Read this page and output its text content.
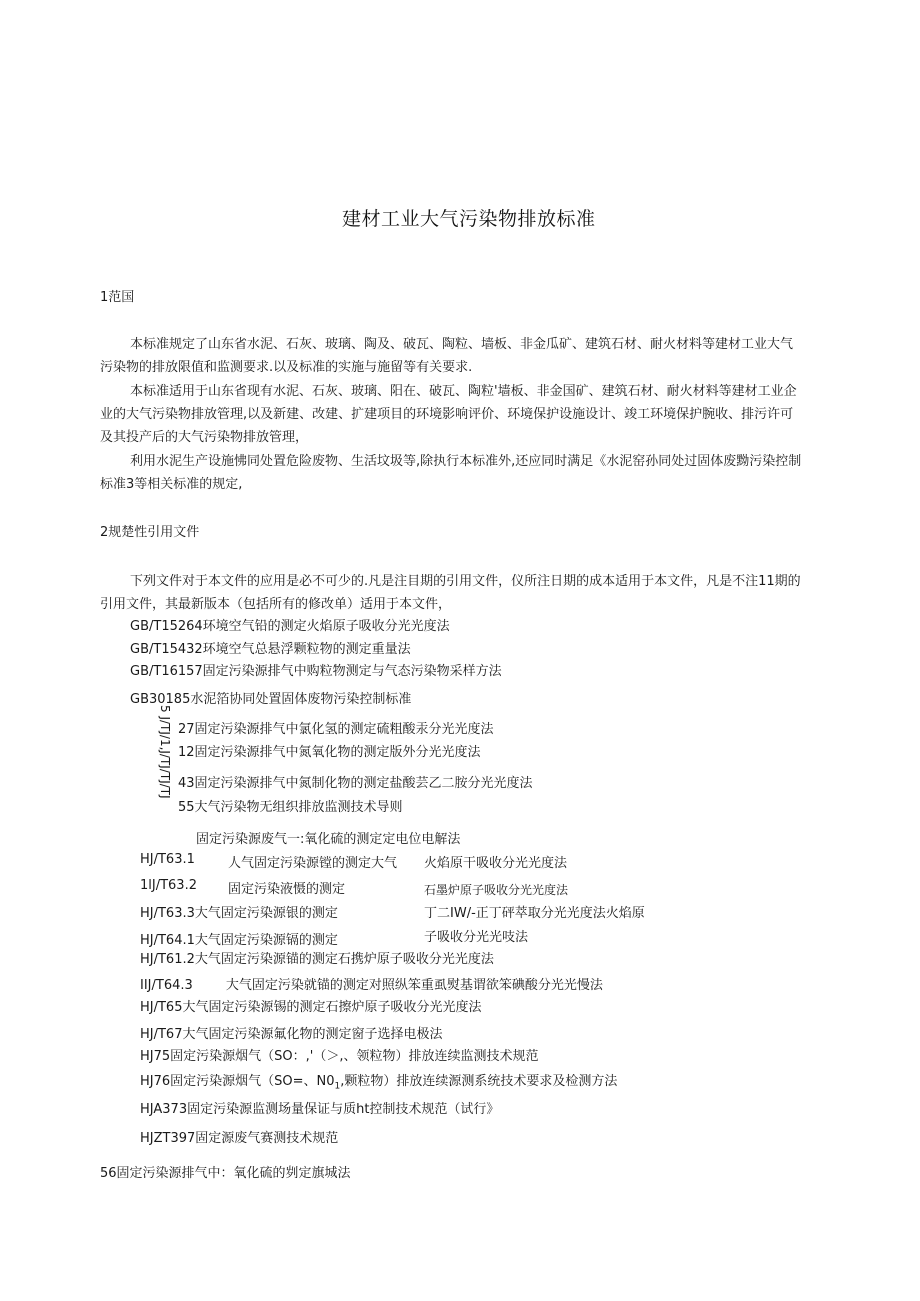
建材工业大气污染物排放标准
1范国
本标准规定了山东省水泥、石灰、玻璃、陶及、破瓦、陶粒、墙板、非金瓜矿、建筑石材、耐火材料等建材工业大气
污染物的排放限值和监测要求.以及标准的实施与施留等有关要求.
本标准适用于山东省现有水泥、石灰、玻璃、阳在、破瓦、陶粒'墙板、非金国矿、建筑石材、耐火材料等建材工业企
业的大气污染物排放管理,以及新建、改建、扩建项目的环境影响评价、环境保护设施设计、竣工环境保护腕收、排污许可
及其投产后的大气污染物排放管理，
利用水泥生产设施怫同处置危险废物、生活坟圾等,除执行本标准外,还应同时满足《水泥窑孙同处过固体废黝污染控制
标准3等相关标准的规定,
2规楚性引用文件
下列文件对于本文件的应用是必不可少的.凡是注目期的引用文件，仪所注日期的成本适用于本文件，凡是不注11期的
引用文件，其最新版本（包括所有的修改单）适用于本文件，
GB/T15264环境空气铅的测定火焰原子吸收分光光度法
GB/T15432环境空气总悬浮颗粒物的测定重量法
GB/T16157固定污染源排气中购粒物测定与气态污染物采样方法
GB30185水泥箔协同处置固体废物污染控制标准
5 J/TJ/1,J/TJ/TJ/TJ 27固定污染源排气中氯化氢的测定硫粗酸汞分光光度法
12固定污染源排气中氮氧化物的测定版外分光光度法
43固定污染源排气中氮制化物的测定盐酸芸乙二胺分光光度法
55大气污染物无组织排放监测技术导则
固定污染源废气一:氧化硫的测定定电位电解法
HJ/T63.1	人气固定污染源镗的测定大气 火焰原干吸收分光光度法
1lJ/T63.2 固定污染液慑的测定	石墨炉原子吸收分光光度法
HJ/T63.3大气固定污染源银的测定	丁二IW/-正丁砰萃取分光光度法火焰原
子吸收分光光吱法
HJ/T64.1大气固定污染源镉的测定
HJ/T61.2大气固定污染源锚的测定石携炉原子吸收分光光度法
IIJ/T64.3        大气固定污染就锚的测定对照纵笨重虱熨基谓欲笨碘酸分光光慢法
HJ/T65大气固定污染源锡的测定石擦炉原子吸收分光光度法
HJ/T67大气固定污染源氟化物的测定窗子选择电极法
HJ75固定污染源烟气（SO：,'（＞,、领粒物）排放连续监测技术规范
HJ76固定污染源烟气（SO=、$N0_1$,颗粒物）排放连续源测系统技术要求及检测方法
HJA373固定污染源监测场量保证与质ht控制技术规范（试行》
HJZT397固定源废气赛测技术规范
56固定污染源排气中：氧化硫的刿定旗城法
